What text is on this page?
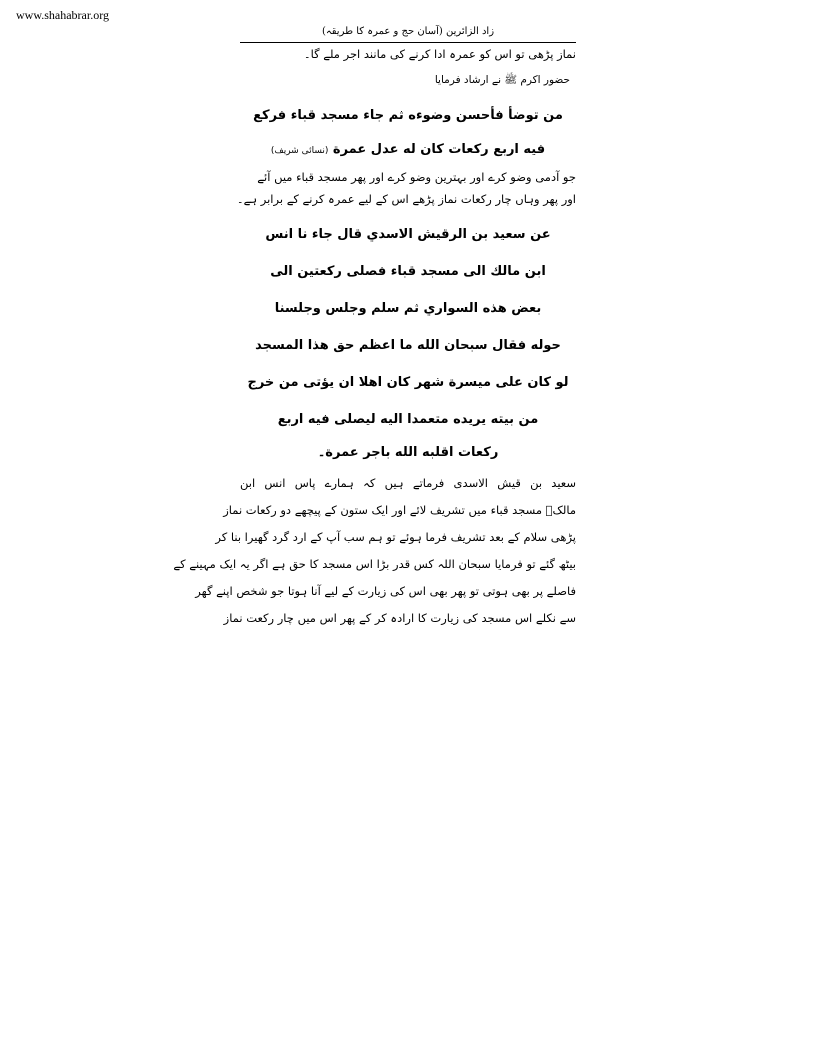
www.shahabrar.org
زاد الزائرین (آسان حج و عمرہ کا طریقہ)
نماز پڑھی تو اس کو عمرہ ادا کرنے کی مانند اجر ملے گا۔
حضور اکرم ﷺ نے ارشاد فرمایا
من توضأ فأحسن وضوءه ثم جاء مسجد قباء فركع
فيه اربع ركعات كان له عدل عمرة (نسائی شریف)
جو آدمی وضو کرے اور بہترین وضو کرے اور پھر مسجد قباء میں آئے
اور پھر وہاں چار رکعات نماز پڑھے اس کے لیے عمرہ کرنے کے برابر ہے۔
عن سعيد بن الرقيش الاسدي قال جاء نا انس
ابن مالك الى مسجد قباء فصلى ركعتين الى
بعض هذه السواري ثم سلم وجلس وجلسنا
حوله فقال سبحان الله ما اعظم حق هذا المسجد
لو كان على ميسرة شهر كان اهلا ان يؤتى من خرج
من بيته يريده متعمدا اليه ليصلى فيه اربع
ركعات اقلبه الله باجر عمرة۔
سعید بن قیش الاسدی فرماتے ہیں کہ ہمارے پاس انس ابن
مالکؓ مسجد قباء میں تشریف لائے اور ایک ستون کے پیچھے دو رکعات نماز
پڑھی سلام کے بعد تشریف فرما ہوئے تو ہم سب آپ کے ارد گرد گھیرا بنا کر
بیٹھ گئے تو فرمایا سبحان اللہ کس قدر بڑا اس مسجد کا حق ہے اگر یہ ایک مہینے کے
فاصلے پر بھی ہوتی تو پھر بھی اس کی زیارت کے لیے آنا ہوتا جو شخص اپنے گھر
سے نکلے اس مسجد کی زیارت کا ارادہ کر کے پھر اس میں چار رکعت نماز
